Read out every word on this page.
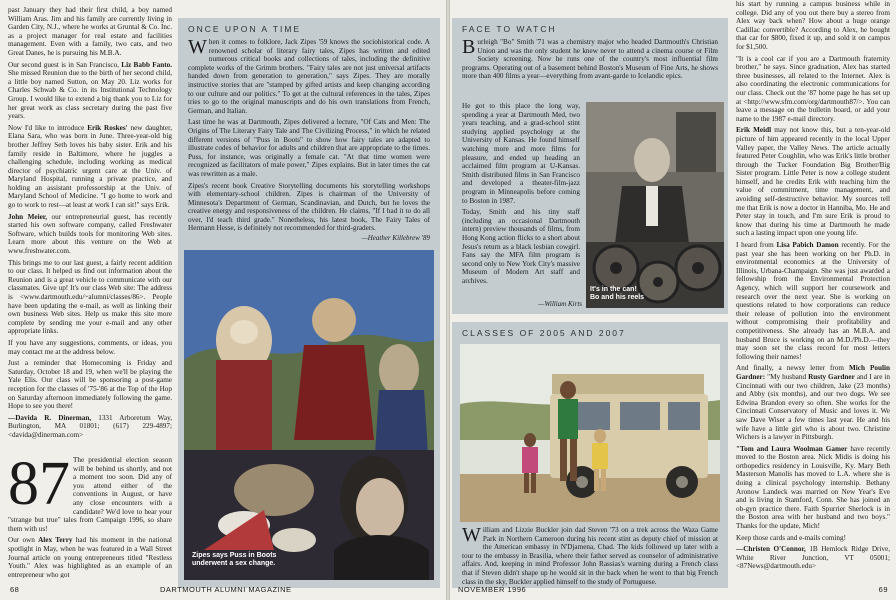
past January they had their first child, a boy named William Aras. Jim and his family are currently living in Garden City, N.J., where he works at Gruntal & Co. Inc. as a project manager for real estate and facilities management. Even with a family, two cats, and two Great Danes, he is pursuing his M.B.A.

Our second guest is in San Francisco, Liz Babb Fanto. She missed Reunion due to the birth of her second child, a little boy named Sutton, on May 20. Liz works for Charles Schwab & Co. in its Institutional Technology Group. I would like to extend a big thank you to Liz for her great work as class secretary during the past five years.

Now I'd like to introduce Erik Roskes' new daughter, Elana Sara, who was born in June. Three-year-old big brother Jeffrey Seth loves his baby sister. Erik and his family reside in Baltimore, where he juggles a challenging schedule, including working as medical director of psychiatric urgent care at the Univ. of Maryland Hospital, running a private practice, and holding an assistant professorship at the Univ. of Maryland School of Medicine. "I go home to work and go to work to rest—at least at work I can sit!" says Erik.

John Meier, our entrepreneurial guest, has recently started his own software company, called Freshwater Software, which builds tools for monitoring Web sites. Learn more about this venture on the Web at www.freshwater.com.

This brings me to our last guest, a fairly recent addition to our class. It helped us find out information about the Reunion and is a great vehicle to communicate with our classmates. Give up! It's our class Web site: The address is <www.dartmouth.edu/~alumni/classes/86>. People have been updating the e-mail, as well as linking their own business Web sites. Help us make this site more complete by sending me your e-mail and any other appropriate links.

If you have any suggestions, comments, or ideas, you may contact me at the address below.

Just a reminder that Homecoming is Friday and Saturday, October 18 and 19, when we'll be playing the Yale Elis. Our class will be sponsoring a post-game reception for the classes of '75-'86 at the Top of the Hop on Saturday afternoon immediately following the game. Hope to see you there!

—Davida R. Dinerman, 1331 Arboretum Way, Burlington, MA 01801; (617) 229-4897; <davida@dinerman.com>

87 The presidential election season will be behind us shortly, and not a moment too soon. Did any of you attend either of the conventions in August, or have any close encounters with a candidate? We'd love to hear your "strange but true" tales from Campaign 1996, so share them with us!

Our own Alex Terry had his moment in the national spotlight in May, when he was featured in a Wall Street Journal article on young entrepreneurs titled "Restless Youth." Alex was highlighted as an example of an entrepreneur who got

ONCE UPON A TIME

When it comes to folklore, Jack Zipes '59 knows the sociohistorical code. A renowned scholar of literary fairy tales, Zipes has written and edited numerous critical books and collections of tales, including the definitive complete works of the Grimm brothers. "Fairy tales are not just universal artifacts handed down from generation to generation," says Zipes. They are morally instructive stories that are "stamped by gifted artists and keep changing according to our culture and our politics." To get at the cultural references in the tales, Zipes tries to go to the original manuscripts and do his own translations from French, German, and Italian.

Last time he was at Dartmouth, Zipes delivered a lecture, "Of Cats and Men: The Origins of The Literary Fairy Tale and The Civilizing Process," in which he related different versions of "Puss in Boots" to show how fairy tales are adapted to illustrate codes of behavior for adults and children that are appropriate to the times. Puss, for instance, was originally a female cat. "At that time women were recognized as facilitators of male power," Zipes explains. But in later times the cat was rewritten as a male.

Zipes's recent book Creative Storytelling documents his storytelling workshops with elementary-school children. Zipes is chairman of the University of Minnesota's Department of German, Scandinavian, and Dutch, but he loves the creative energy and responsiveness of the children. He claims, "If I had it to do all over, I'd teach third grade." Nonetheless, his latest book, The Fairy Tales of Hermann Hesse, is definitely not recommended for third-graders.

—Heather Killebrew '89
Zipes says Puss in Boots
underwent a sex change.
68	DARTMOUTH ALUMNI MAGAZINE
FACE TO WATCH

Burleigh "Bo" Smith '71 was a chemistry major who headed Dartmouth's Christian Union and was the only student he knew never to attend a cinema course or Film Society screening. Now he runs one of the country's most influential film programs. Operating out of a basement behind Boston's Museum of Fine Arts, he shows more than 400 films a year—everything from avant-garde to Icelandic epics.

He got to this place the long way, spending a year at Dartmouth Med, two years teaching, and a grad-school stint studying applied psychology at the University of Kansas. He found himself watching more and more films for pleasure, and ended up heading an acclaimed film program at U-Kansas. Smith distributed films in San Francisco and developed a theater-film-jazz program in Minneapolis before coming to Boston in 1987.

Today, Smith and his tiny staff (including an occasional Dartmouth intern) preview thousands of films, from Hong Kong action flicks to a short about Jesus's return as a black lesbian cowgirl. Fans say the MFA film program is second only to New York City's massive Museum of Modern Art staff and archives.

—William Kirts
It's in the can!
Bo and his reels
CLASSES OF 2005 AND 2007

William and Lizzie Buckler join dad Steven '73 on a trek across the Waza Game Park in Northern Cameroon during his recent stint as deputy chief of mission at the American embassy in N'Djamena, Chad. The kids followed up later with a tour to the embassy in Brasilia, where their father served as counselor of administrative affairs. And, keeping in mind Professor John Rassias's warning during a French class that if Steven didn't shape up he would sit in the back when he went to that big French class in the sky, Buckler applied himself to the study of Portuguese.

his start by running a campus business while in college. Did any of you out there buy a stereo from Alex way back when? How about a huge orange Cadillac convertible? According to Alex, he bought that car for $800, fixed it up, and sold it on campus for $1,500.

"It is a cool car if you are a Dartmouth fraternity brother," he says. Since graduation, Alex has started three businesses, all related to the Internet. Alex is also coordinating the electronic communications for our class. Check out the '87 home page he has set up at <http://www.sfm.com/org/dartmouth87/>. You can leave a message on the bulletin board, or add your name to the 1987 e-mail directory.

Erik Meidl may not know this, but a ten-year-old picture of him appeared recently in the local Upper Valley paper, the Valley News. The article actually featured Peter Coughlin, who was Erik's little brother through the Tucker Foundation Big Brother/Big Sister program. Little Peter is now a college student himself, and he credits Erik with teaching him the value of commitment, time management, and avoiding self-destructive behavior. My sources tell me that Erik is now a doctor in Hanniba, Mo. He and Peter stay in touch, and I'm sure Erik is proud to know that during his time at Dartmouth he made such a lasting impact upon one young life.

I heard from Lisa Pabich Damon recently. For the past year she has been working on her Ph.D. in environmental economics at the University of Illinois, Urbana-Champaign. She was just awarded a fellowship from the Environmental Protection Agency, which will support her coursework and research over the next year. She is working on questions related to how corporations can reduce their release of pollution into the environment without compromising their profitability and competitiveness. She already has an M.B.A. and husband Bruce is working on an M.D./Ph.D.—they may soon set the class record for most letters following their names!

And finally, a newsy letter from Mich Poulin Gardner: "My husband Rusty Gardner and I are in Cincinnati with our two children, Jake (23 months) and Abby (six months), and our two dogs. We see Edwina Brandon every so often. She works for the Cincinnati Conservatory of Music and loves it. We saw Dave Wiser a few times last year. He and his wife have a little girl who is about two. Christine Wichers is a lawyer in Pittsburgh.

"Tom and Laura Woolman Gamer have recently moved to the Boston area. Nick Midis is doing his orthopedics residency in Louisville, Ky. Mary Beth Masterson Manolis has moved to L.A. where she is doing a clinical psychology internship. Bethany Aronow Landeck was married on New Year's Eve and is living in Stamford, Conn. She has joined an ob-gyn practice there. Faith Spurrier Sherlock is in the Boston area with her husband and two boys." Thanks for the update, Mich!

Keep those cards and e-mails coming!

—Christen O'Connor, 1B Hemlock Ridge Drive, White River Junction, VT 05001; <87News@dartmouth.edu>

NOVEMBER 1996	69
